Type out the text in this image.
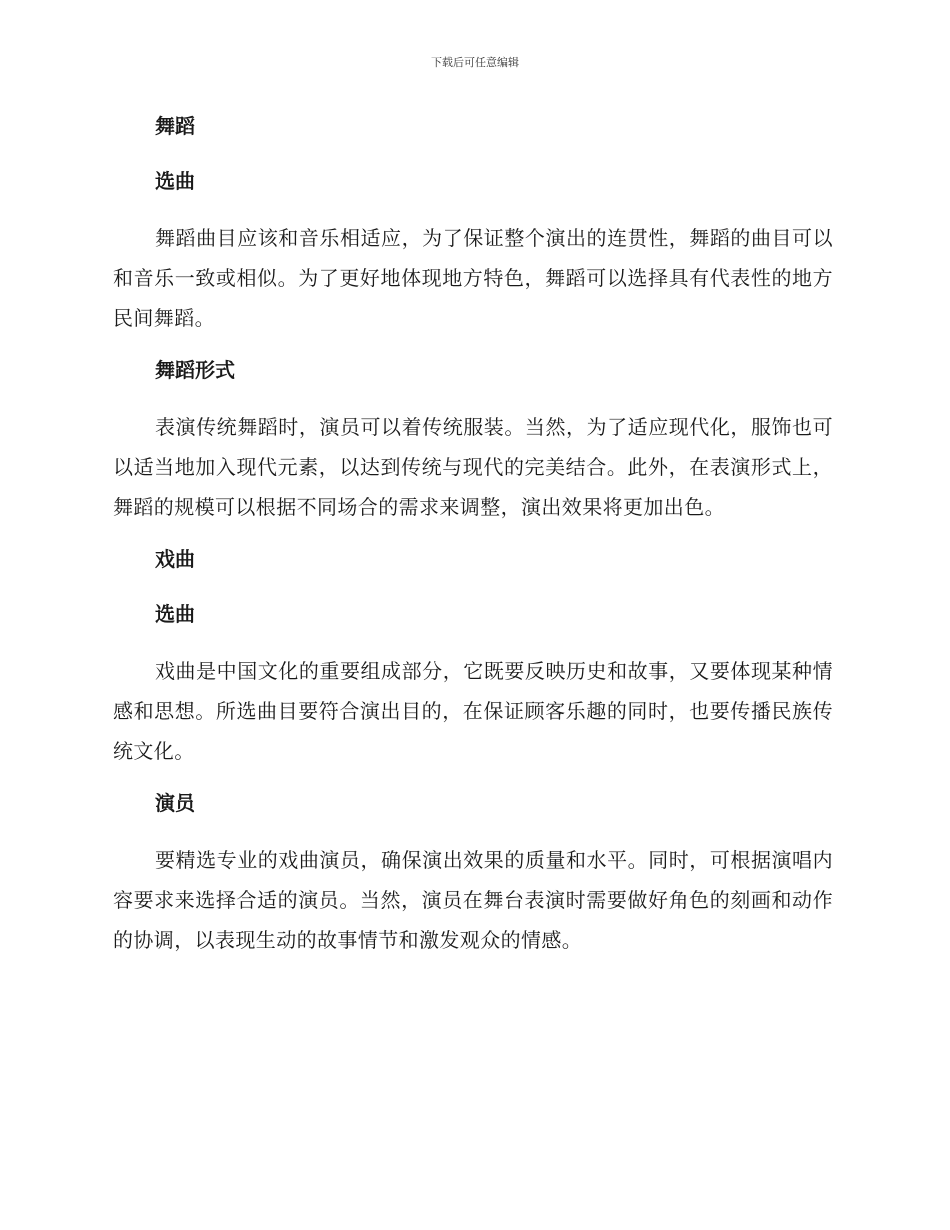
下载后可任意编辑
舞蹈
选曲

舞蹈曲目应该和音乐相适应，为了保证整个演出的连贯性，舞蹈的曲目可以和音乐一致或相似。为了更好地体现地方特色，舞蹈可以选择具有代表性的地方民间舞蹈。

舞蹈形式

表演传统舞蹈时，演员可以着传统服装。当然，为了适应现代化，服饰也可以适当地加入现代元素，以达到传统与现代的完美结合。此外，在表演形式上，舞蹈的规模可以根据不同场合的需求来调整，演出效果将更加出色。

戏曲
选曲

戏曲是中国文化的重要组成部分，它既要反映历史和故事，又要体现某种情感和思想。所选曲目要符合演出目的，在保证顾客乐趣的同时，也要传播民族传统文化。

演员

要精选专业的戏曲演员，确保演出效果的质量和水平。同时，可根据演唱内容要求来选择合适的演员。当然，演员在舞台表演时需要做好角色的刻画和动作的协调，以表现生动的故事情节和激发观众的情感。
